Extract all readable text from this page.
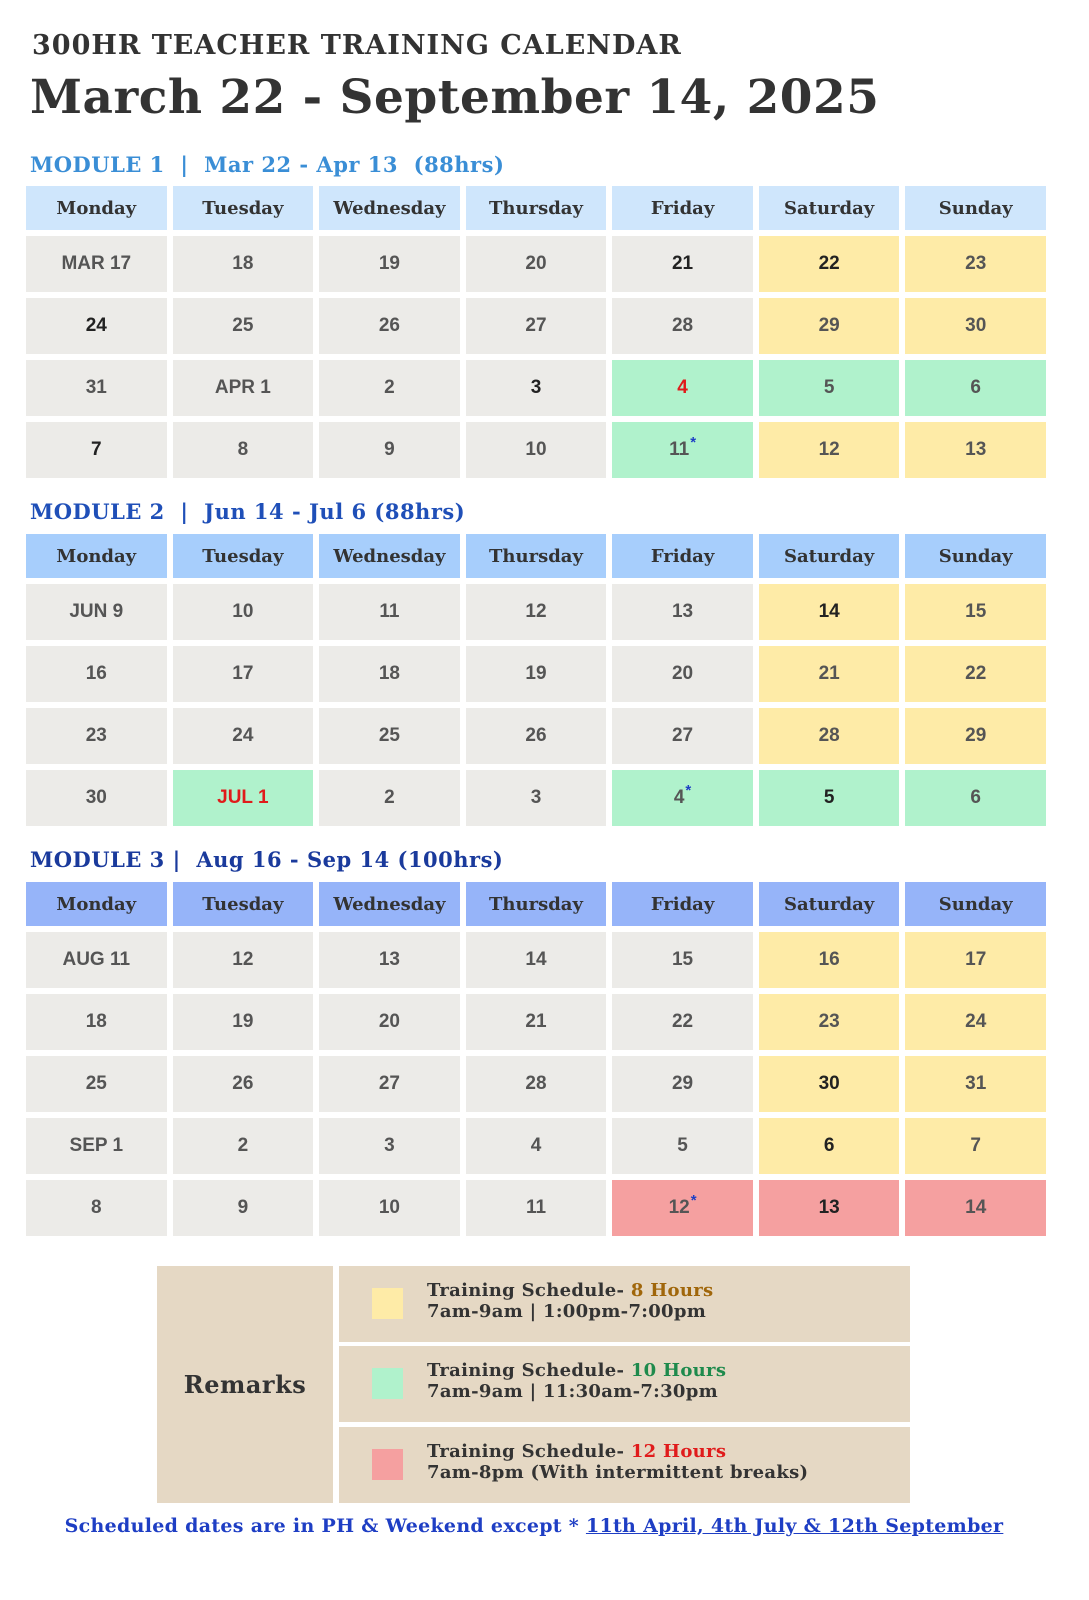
300HR TEACHER TRAINING CALENDAR
March 22 - September 14, 2025
MODULE 1  |  Mar 22 - Apr 13  (88hrs)
Monday	Tuesday	Wednesday	Thursday	Friday	Saturday	Sunday
MAR 17	18	19	20	21	22	23
24	25	26	27	28	29	30
31	APR 1	2	3	4	5	6
7	8	9	10	11 *	12	13
MODULE 2  |  Jun 14 - Jul 6 (88hrs)
Monday	Tuesday	Wednesday	Thursday	Friday	Saturday	Sunday
JUN 9	10	11	12	13	14	15
16	17	18	19	20	21	22
23	24	25	26	27	28	29
30	JUL 1	2	3	4 *	5	6
MODULE 3 |  Aug 16 - Sep 14 (100hrs)
Monday	Tuesday	Wednesday	Thursday	Friday	Saturday	Sunday
AUG 11	12	13	14	15	16	17
18	19	20	21	22	23	24
25	26	27	28	29	30	31
SEP 1	2	3	4	5	6	7
8	9	10	11	12 *	13	14
Remarks
Training Schedule- 8 Hours
7am-9am | 1:00pm-7:00pm
Training Schedule- 10 Hours
7am-9am | 11:30am-7:30pm
Training Schedule- 12 Hours
7am-8pm (With intermittent breaks)
Scheduled dates are in PH & Weekend except * 11th April, 4th July & 12th September
